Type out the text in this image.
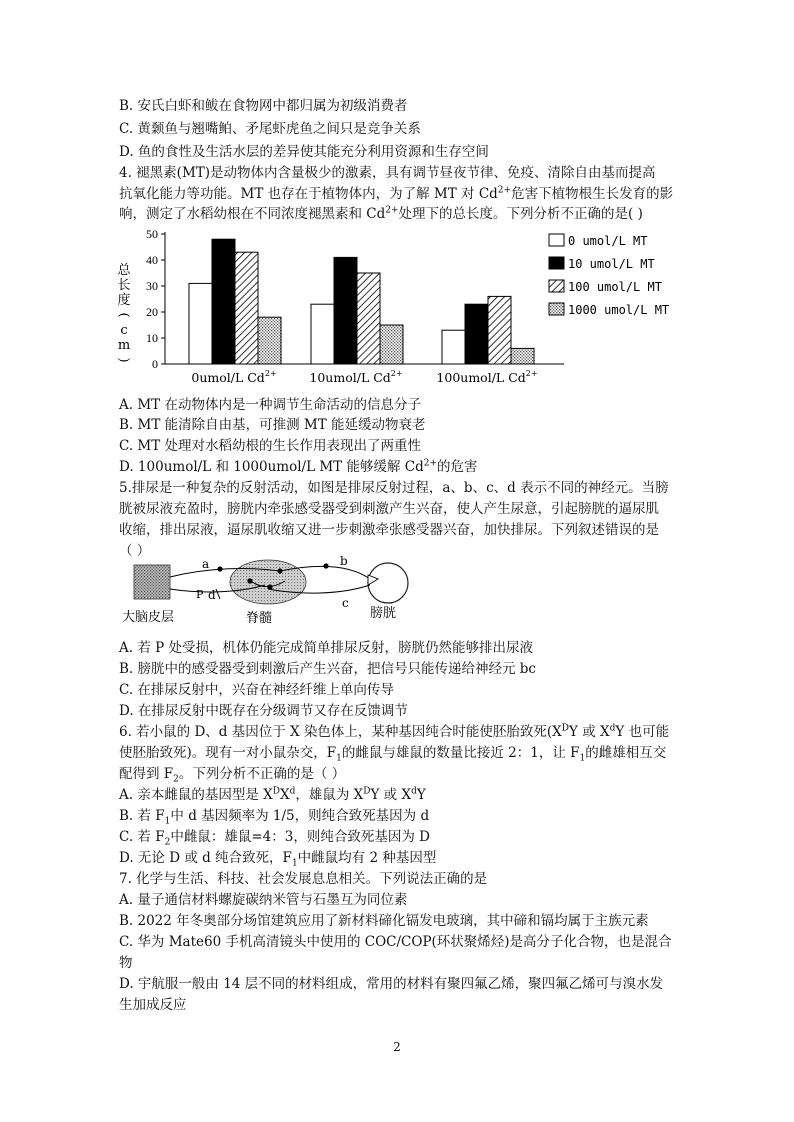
B. 安氏白虾和鲅在食物网中都归属为初级消费者
C. 黄颡鱼与翘嘴鲌、矛尾虾虎鱼之间只是竞争关系
D. 鱼的食性及生活水层的差异使其能充分利用资源和生存空间
4. 褪黑素(MT)是动物体内含量极少的激素，具有调节昼夜节律、免疫、清除自由基而提高
抗氧化能力等功能。MT 也存在于植物体内，为了解 MT 对 $Cd^{2+}$危害下植物根生长发育的影
响，测定了水稻幼根在不同浓度褪黑素和 $Cd^{2+}$处理下的总长度。下列分析不正确的是( )
总
长
度
(
c
m
) 0
10
20
30
40
50
0umol/L $Cd^{2+}$	10umol/L $Cd^{2+}$	100umol/L $Cd^{2+}$
0 umol/L MT
10 umol/L MT
100 umol/L MT
1000 umol/L MT
A. MT 在动物体内是一种调节生命活动的信息分子
B. MT 能清除自由基，可推测 MT 能延缓动物衰老
C. MT 处理对水稻幼根的生长作用表现出了两重性
D. 100umol/L 和 1000umol/L MT 能够缓解 $Cd^{2+}$的危害
5.排尿是一种复杂的反射活动，如图是排尿反射过程，a、b、c、d 表示不同的神经元。当膀
胱被尿液充盈时，膀胱内牵张感受器受到刺激产生兴奋，使人产生尿意，引起膀胱的逼尿肌
收缩，排出尿液，逼尿肌收缩又进一步刺激牵张感受器兴奋，加快排尿。下列叙述错误的是
（ ）
a	b
c
d
P
大脑皮层	脊髓	膀胱
A. 若 P 处受损，机体仍能完成简单排尿反射，膀胱仍然能够排出尿液
B. 膀胱中的感受器受到刺激后产生兴奋，把信号只能传递给神经元 bc
C. 在排尿反射中，兴奋在神经纤维上单向传导
D. 在排尿反射中既存在分级调节又存在反馈调节
6. 若小鼠的 D、d 基因位于 X 染色体上，某种基因纯合时能使胚胎致死($X^DY$ 或 $X^dY$ 也可能
使胚胎致死)。现有一对小鼠杂交，$F_1$的雌鼠与雄鼠的数量比接近 2：1，让 $F_1$的雌雄相互交
配得到 $F_2$。下列分析不正确的是（ ）
A. 亲本雌鼠的基因型是 $X^DX^d$，雄鼠为 $X^DY$ 或 $X^dY$
B. 若 $F_1$中 d 基因频率为 1/5，则纯合致死基因为 d
C. 若 $F_2$中雌鼠：雄鼠=4：3，则纯合致死基因为 D
D. 无论 D 或 d 纯合致死，$F_1$中雌鼠均有 2 种基因型
7. 化学与生活、科技、社会发展息息相关。下列说法正确的是
A. 量子通信材料螺旋碳纳米管与石墨互为同位素
B. 2022 年冬奥部分场馆建筑应用了新材料碲化镉发电玻璃，其中碲和镉均属于主族元素
C. 华为 Mate60 手机高清镜头中使用的 COC/COP(环状聚烯烃)是高分子化合物，也是混合
物
D. 宇航服一般由 14 层不同的材料组成，常用的材料有聚四氟乙烯，聚四氟乙烯可与溴水发
生加成反应
2
